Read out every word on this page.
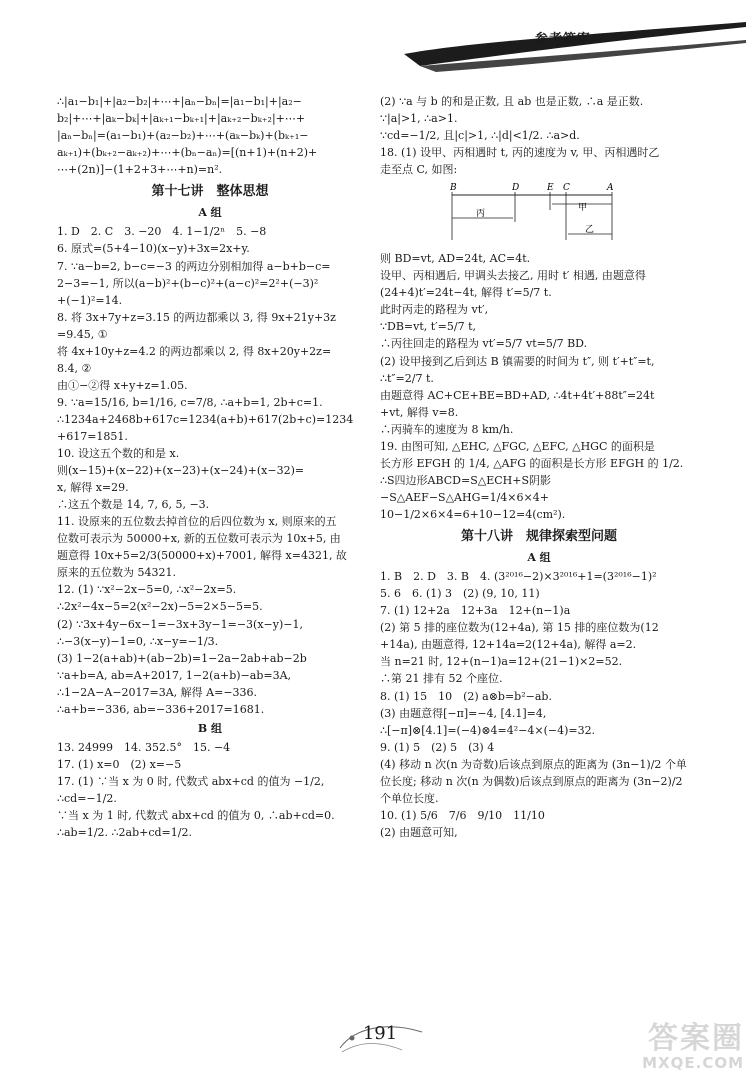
参考答案

∴|a₁−b₁|+|a₂−b₂|+⋯+|aₙ−bₙ|=|a₁−b₁|+|a₂−

b₂|+⋯+|aₖ−bₖ|+|aₖ₊₁−bₖ₊₁|+|aₖ₊₂−bₖ₊₂|+⋯+

|aₙ−bₙ|=(a₁−b₁)+(a₂−b₂)+⋯+(aₖ−bₖ)+(bₖ₊₁−

aₖ₊₁)+(bₖ₊₂−aₖ₊₂)+⋯+(bₙ−aₙ)=[(n+1)+(n+2)+

⋯+(2n)]−(1+2+3+⋯+n)=n².

第十七讲　整体思想
A 组

1. D　2. C　3. −20　4. 1−1/2ⁿ　5. −8

6. 原式=(5+4−10)(x−y)+3x=2x+y.

7. ∵a−b=2, b−c=−3 的两边分别相加得 a−b+b−c=

2−3=−1, 所以(a−b)²+(b−c)²+(a−c)²=2²+(−3)²

+(−1)²=14.

8. 将 3x+7y+z=3.15 的两边都乘以 3, 得 9x+21y+3z

=9.45, ①

将 4x+10y+z=4.2 的两边都乘以 2, 得 8x+20y+2z=

8.4, ②

由①−②得 x+y+z=1.05.

9. ∵a=15/16, b=1/16, c=7/8, ∴a+b=1, 2b+c=1.

∴1234a+2468b+617c=1234(a+b)+617(2b+c)=1234

+617=1851.

10. 设这五个数的和是 x.

则(x−15)+(x−22)+(x−23)+(x−24)+(x−32)=

x, 解得 x=29.

∴这五个数是 14, 7, 6, 5, −3.

11. 设原来的五位数去掉首位的后四位数为 x, 则原来的五

位数可表示为 50000+x, 新的五位数可表示为 10x+5, 由

题意得 10x+5=2/3(50000+x)+7001, 解得 x=4321, 故

原来的五位数为 54321.

12. (1) ∵x²−2x−5=0, ∴x²−2x=5.

∴2x²−4x−5=2(x²−2x)−5=2×5−5=5.

(2) ∵3x+4y−6x−1=−3x+3y−1=−3(x−y)−1,

∴−3(x−y)−1=0, ∴x−y=−1/3.

(3) 1−2(a+ab)+(ab−2b)=1−2a−2ab+ab−2b

∵a+b=A, ab=A+2017, 1−2(a+b)−ab=3A,

∴1−2A−A−2017=3A, 解得 A=−336.

∴a+b=−336, ab=−336+2017=1681.

B 组

13. 24999　14. 352.5°　15. −4

17. (1) x=0　(2) x=−5

17. (1) ∵当 x 为 0 时, 代数式 abx+cd 的值为 −1/2,

∴cd=−1/2.

∵当 x 为 1 时, 代数式 abx+cd 的值为 0, ∴ab+cd=0.

∴ab=1/2. ∴2ab+cd=1/2.

(2) ∵a 与 b 的和是正数, 且 ab 也是正数, ∴a 是正数.

∵|a|>1, ∴a>1.

∵cd=−1/2, 且|c|>1, ∴|d|<1/2. ∴a>d.

18. (1) 设甲、丙相遇时 t, 丙的速度为 v, 甲、丙相遇时乙

走至点 C, 如图:

B	D	E C	A
甲
丙
乙

则 BD=vt, AD=24t, AC=4t.

设甲、丙相遇后, 甲调头去接乙, 用时 t′ 相遇, 由题意得

(24+4)t′=24t−4t, 解得 t′=5/7 t.

此时丙走的路程为 vt′,

∵DB=vt, t′=5/7 t,

∴丙往回走的路程为 vt′=5/7 vt=5/7 BD.

(2) 设甲接到乙后到达 B 镇需要的时间为 t″, 则 t′+t″=t,

∴t″=2/7 t.

由题意得 AC+CE+BE=BD+AD, ∴4t+4t′+88t″=24t

+vt, 解得 v=8.

∴丙骑车的速度为 8 km/h.

19. 由图可知, △EHC, △FGC, △EFC, △HGC 的面积是

长方形 EFGH 的 1/4, △AFG 的面积是长方形 EFGH 的 1/2.

∴S四边形ABCD=S△ECH+S阴影−S△AEF−S△AHG=1/4×6×4+

10−1/2×6×4=6+10−12=4(cm²).

第十八讲　规律探索型问题
A 组

1. B　2. D　3. B　4. (3²⁰¹⁶−2)×3²⁰¹⁶+1=(3²⁰¹⁶−1)²

5. 6　6. (1) 3　(2) (9, 10, 11)

7. (1) 12+2a　12+3a　12+(n−1)a

(2) 第 5 排的座位数为(12+4a), 第 15 排的座位数为(12

+14a), 由题意得, 12+14a=2(12+4a), 解得 a=2.

当 n=21 时, 12+(n−1)a=12+(21−1)×2=52.

∴第 21 排有 52 个座位.

8. (1) 15　10　(2) a⊗b=b²−ab.

(3) 由题意得[−π]=−4, [4.1]=4,

∴[−π]⊗[4.1]=(−4)⊗4=4²−4×(−4)=32.

9. (1) 5　(2) 5　(3) 4

(4) 移动 n 次(n 为奇数)后该点到原点的距离为 (3n−1)/2 个单

位长度; 移动 n 次(n 为偶数)后该点到原点的距离为 (3n−2)/2

个单位长度.

10. (1) 5/6　7/6　9/10　11/10

(2) 由题意可知,

191	答案圈
MXQE.COM
